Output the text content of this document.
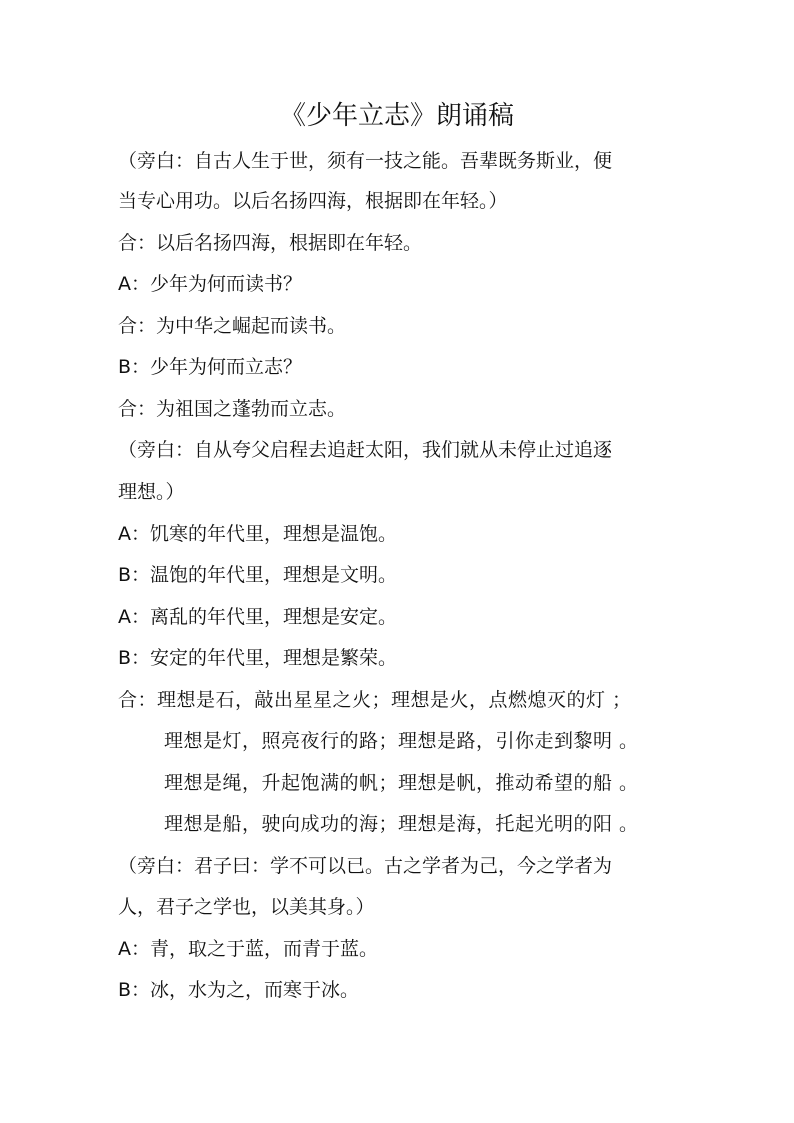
《少年立志》朗诵稿
（旁白：自古人生于世，须有一技之能。吾辈既务斯业，便
当专心用功。以后名扬四海，根据即在年轻。）
合：以后名扬四海，根据即在年轻。
A：少年为何而读书？
合：为中华之崛起而读书。
B：少年为何而立志？
合：为祖国之蓬勃而立志。
（旁白：自从夸父启程去追赶太阳，我们就从未停止过追逐
理想。）
A：饥寒的年代里，理想是温饱。
B：温饱的年代里，理想是文明。
A：离乱的年代里，理想是安定。
B：安定的年代里，理想是繁荣。
合：理想是石，敲出星星之火；理想是火，点燃熄灭的灯 ；
理想是灯，照亮夜行的路；理想是路，引你走到黎明 。
理想是绳，升起饱满的帆；理想是帆，推动希望的船 。
理想是船，驶向成功的海；理想是海，托起光明的阳 。
（旁白：君子曰：学不可以已。古之学者为己，今之学者为
人，君子之学也，以美其身。）
A：青，取之于蓝，而青于蓝。
B：冰，水为之，而寒于冰。
